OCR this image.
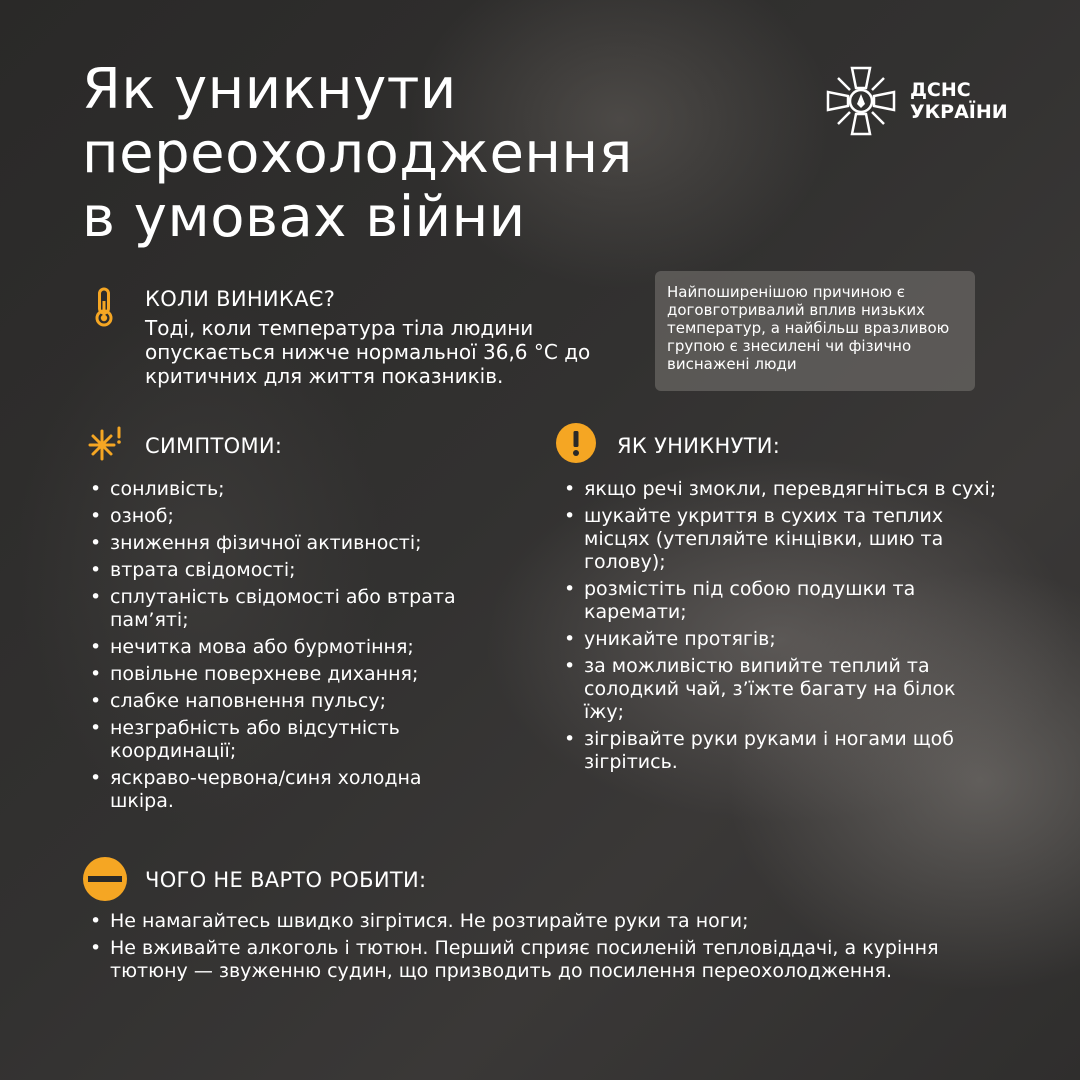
Як уникнути
переохолодження
в умовах війни
ДСНС
УКРАЇНИ
КОЛИ ВИНИКАЄ?
Тоді, коли температура тіла людини опускається нижче нормальної 36,6 °С до критичних для життя показників.
Найпоширенішою причиною є договготривалий вплив низьких температур, а найбільш вразливою групою є знесилені чи фізично виснажені люди
СИМПТОМИ:
• сонливість;
• озноб;
• зниження фізичної активності;
• втрата свідомості;
• сплутаність свідомості або втрата пам’яті;
• нечитка мова або бурмотіння;
• повільне поверхневе дихання;
• слабке наповнення пульсу;
• незграбність або відсутність координації;
• яскраво-червона/синя холодна шкіра.
ЯК УНИКНУТИ:
• якщо речі змокли, перевдягніться в сухі;
• шукайте укриття в сухих та теплих місцях (утепляйте кінцівки, шию та голову);
• розмістіть під собою подушки та каремати;
• уникайте протягів;
• за можливістю випийте теплий та солодкий чай, з’їжте багату на білок їжу;
• зігрівайте руки руками і ногами щоб зігрітись.
ЧОГО НЕ ВАРТО РОБИТИ:
• Не намагайтесь швидко зігрітися. Не розтирайте руки та ноги;
• Не вживайте алкоголь і тютюн. Перший сприяє посиленій тепловіддачі, а куріння тютюну — звуженню судин, що призводить до посилення переохолодження.
